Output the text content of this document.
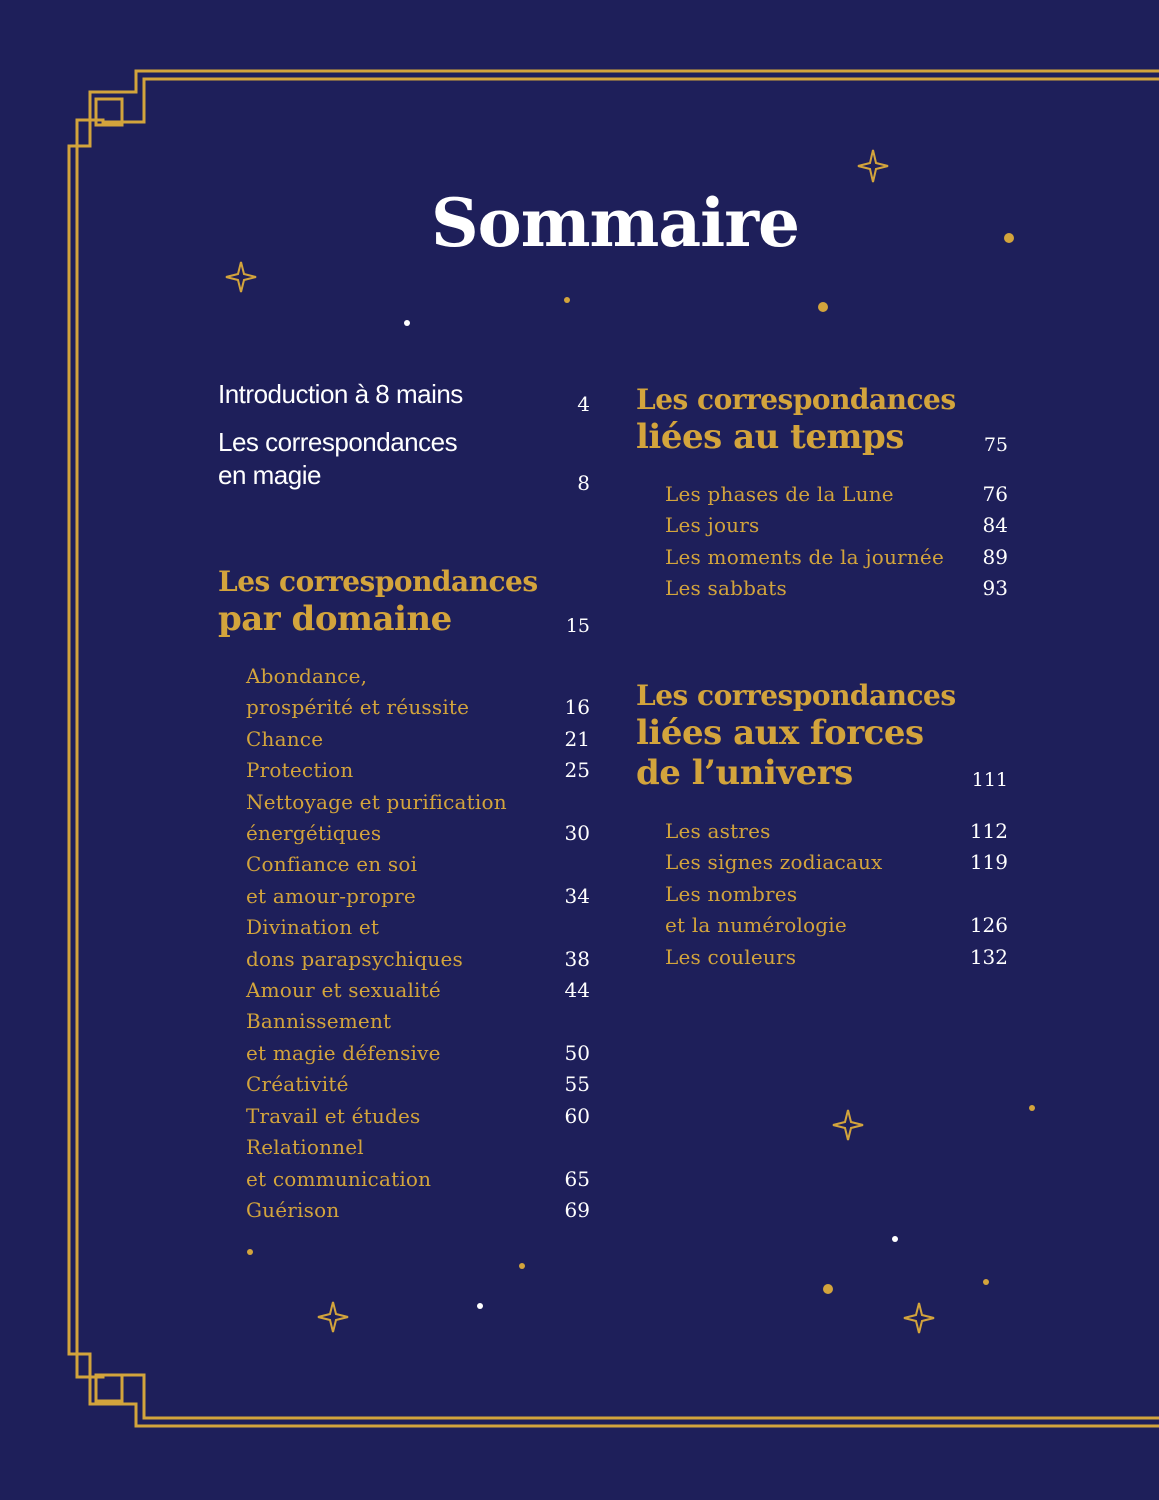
Sommaire
Introduction à 8 mains	4
Les correspondances
en magie	8
Les correspondances
par domaine	15
Abondance,
prospérité et réussite	16
Chance	21
Protection	25
Nettoyage et purification
énergétiques	30
Confiance en soi
et amour-propre	34
Divination et
dons parapsychiques	38
Amour et sexualité	44
Bannissement
et magie défensive	50
Créativité	55
Travail et études	60
Relationnel
et communication	65
Guérison	69
Les correspondances
liées au temps	75
Les phases de la Lune	76
Les jours	84
Les moments de la journée	89
Les sabbats	93
Les correspondances
liées aux forces
de l’univers	111
Les astres	112
Les signes zodiacaux	119
Les nombres
et la numérologie	126
Les couleurs	132
